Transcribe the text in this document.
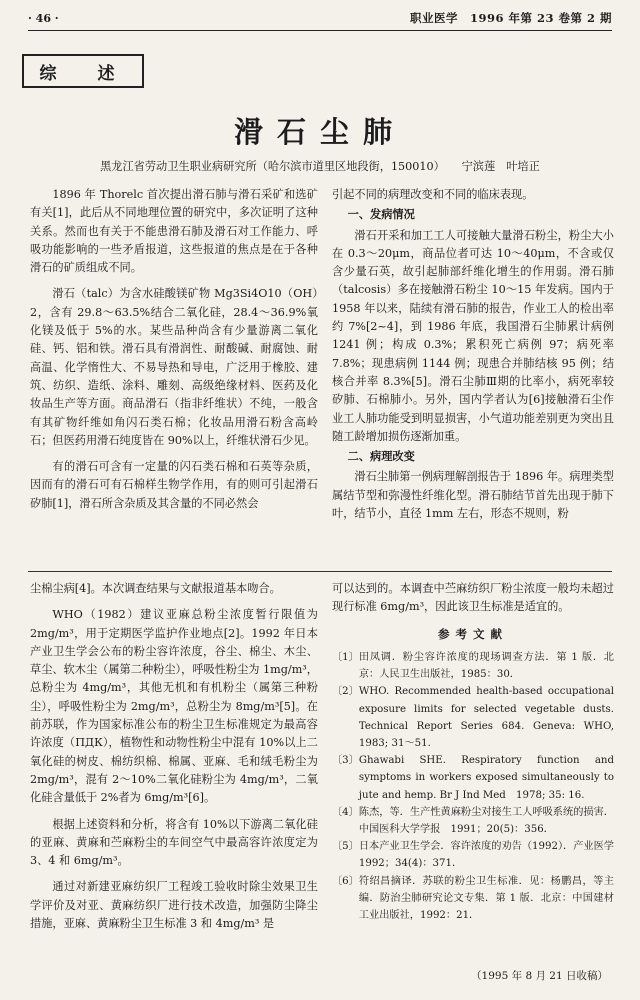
· 46 ·	职业医学　1996 年第 23 卷第 2 期
综　述
滑石尘肺
黑龙江省劳动卫生职业病研究所（哈尔滨市道里区地段街，150010）　　宁滨莲　叶培正

1896 年 Thorelc 首次提出滑石肺与滑石采矿和选矿有关[1]，此后从不同地理位置的研究中，多次证明了这种关系。然而也有关于不能患滑石肺及滑石对工作能力、呼吸功能影响的一些矛盾报道，这些报道的焦点是在于各种滑石的矿质组成不同。

滑石（talc）为含水硅酸镁矿物 Mg3Si4O10（OH）2，含有 29.8～63.5%结合二氧化硅，28.4～36.9%氧化镁及低于 5%的水。某些品种尚含有少量游离二氧化硅、钙、铝和铁。滑石具有滑润性、耐酸碱、耐腐蚀、耐高温、化学惰性大、不易导热和导电，广泛用于橡胶、建筑、纺织、造纸、涂料、雕刻、高级绝缘材料、医药及化妆品生产等方面。商品滑石（指非纤维状）不纯，一般含有其矿物纤维如角闪石类石棉；化妆品用滑石粉含高岭石；但医药用滑石纯度皆在 90%以上，纤维状滑石少见。

有的滑石可含有一定量的闪石类石棉和石英等杂质，因而有的滑石可有石棉样生物学作用，有的则可引起滑石矽肺[1]，滑石所含杂质及其含量的不同必然会

引起不同的病理改变和不同的临床表现。

一、发病情况

滑石开采和加工工人可接触大量滑石粉尘，粉尘大小在 0.3～20μm，商品位者可达 10～40μm，不含或仅含少量石英，故引起肺部纤维化增生的作用弱。滑石肺（talcosis）多在接触滑石粉尘 10～15 年发病。国内于 1958 年以来，陆续有滑石肺的报告，作业工人的检出率约 7%[2~4]，到 1986 年底，我国滑石尘肺累计病例 1241 例；构成 0.3%；累积死亡病例 97；病死率 7.8%；现患病例 1144 例；现患合并肺结核 95 例；结核合并率 8.3%[5]。滑石尘肺Ⅲ期的比率小，病死率较矽肺、石棉肺小。另外，国内学者认为[6]接触滑石尘作业工人肺功能受到明显损害，小气道功能差别更为突出且随工龄增加损伤逐渐加重。

二、病理改变

滑石尘肺第一例病理解剖报告于 1896 年。病理类型属结节型和弥漫性纤维化型。滑石肺结节首先出现于肺下叶，结节小，直径 1mm 左右，形态不规则，粉

尘棉尘病[4]。本次调查结果与文献报道基本吻合。

WHO（1982）建议亚麻总粉尘浓度暂行限值为 2mg/m³，用于定期医学监护作业地点[2]。1992 年日本产业卫生学会公布的粉尘容许浓度，谷尘、棉尘、木尘、草尘、软木尘（属第二种粉尘），呼吸性粉尘为 1mg/m³，总粉尘为 4mg/m³，其他无机和有机粉尘（属第三种粉尘），呼吸性粉尘为 2mg/m³，总粉尘为 8mg/m³[5]。在前苏联，作为国家标准公布的粉尘卫生标准规定为最高容许浓度（ПДК），植物性和动物性粉尘中混有 10%以上二氧化硅的树皮、棉纺织棉、棉属、亚麻、毛和绒毛粉尘为 2mg/m³，混有 2～10%二氧化硅粉尘为 4mg/m³，二氧化硅含量低于 2%者为 6mg/m³[6]。

根据上述资料和分析，将含有 10%以下游离二氧化硅的亚麻、黄麻和苎麻粉尘的车间空气中最高容许浓度定为 3、4 和 6mg/m³。

通过对新建亚麻纺织厂工程竣工验收时除尘效果卫生学评价及对亚、黄麻纺织厂进行技术改造，加强防尘降尘措施，亚麻、黄麻粉尘卫生标准 3 和 4mg/m³ 是

可以达到的。本调查中苎麻纺织厂粉尘浓度一般均未超过现行标准 6mg/m³，因此该卫生标准是适宜的。

参考文献
〔1〕 田凤调．粉尘容许浓度的现场调查方法．第 1 版．北京：人民卫生出版社，1985：30．
〔2〕 WHO. Recommended health-based occupational exposure limits for selected vegetable dusts. Technical Report Series 684. Geneva: WHO, 1983; 31～51.
〔3〕 Ghawabi SHE. Respiratory function and symptoms in workers exposed simultaneously to jute and hemp. Br J Ind Med　1978; 35: 16.
〔4〕 陈杰，等．生产性黄麻粉尘对接生工人呼吸系统的损害．中国医科大学学报　1991；20(5)：356．
〔5〕 日本产业卫生学会．容许浓度的劝告（1992）．产业医学　1992；34(4)：371．
〔6〕 符绍昌摘译．苏联的粉尘卫生标准．见：杨鹏昌，等主编．防治尘肺研究论文专集．第 1 版．北京：中国建材工业出版社，1992：21．
（1995 年 8 月 21 日收稿）
